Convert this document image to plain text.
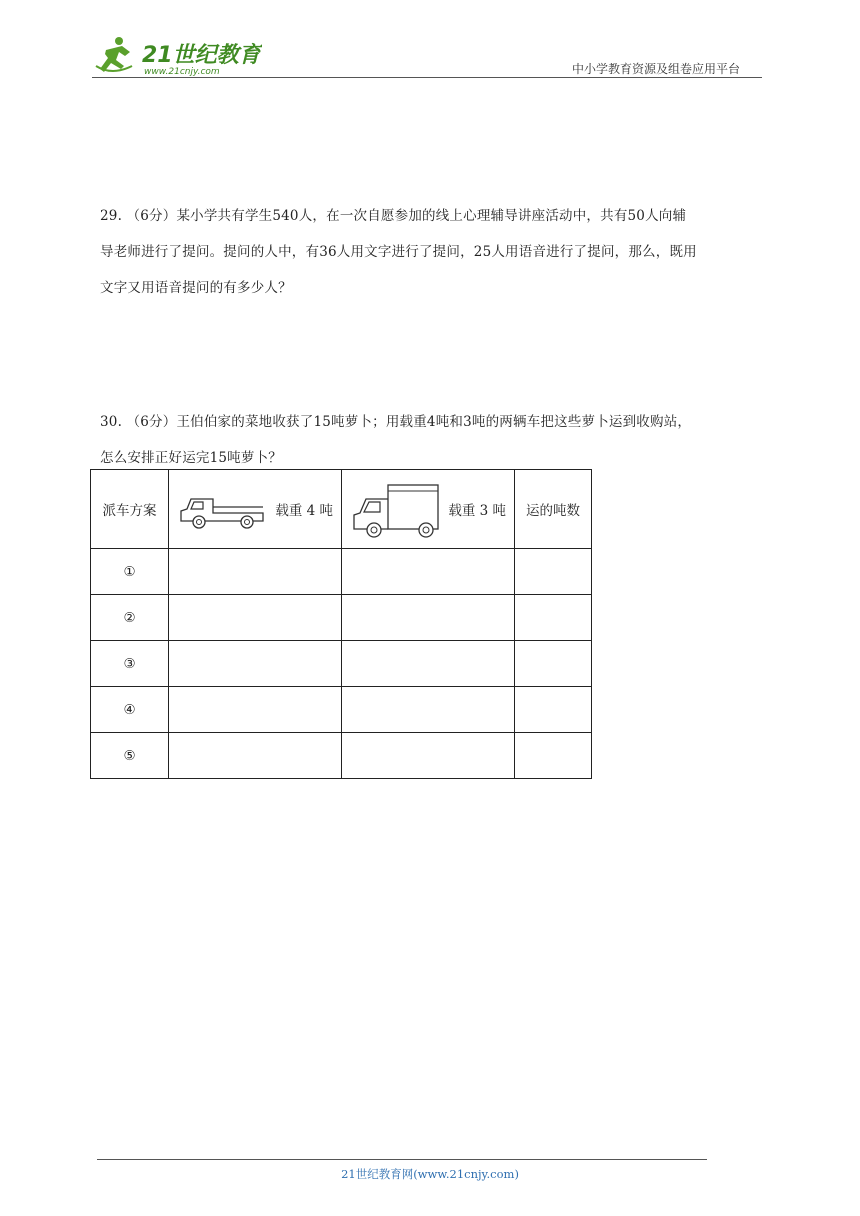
21世纪教育
www.21cnjy.com	中小学教育资源及组卷应用平台
29. （6分）某小学共有学生540人，在一次自愿参加的线上心理辅导讲座活动中，共有50人向辅
导老师进行了提问。提问的人中，有36人用文字进行了提问，25人用语音进行了提问，那么，既用
文字又用语音提问的有多少人？
30. （6分）王伯伯家的菜地收获了15吨萝卜；用载重4吨和3吨的两辆车把这些萝卜运到收购站，
怎么安排正好运完15吨萝卜？
派车方案	载重 4 吨	载重 3 吨	运的吨数
①			
②			
③			
④			
⑤			
21世纪教育网(www.21cnjy.com)
